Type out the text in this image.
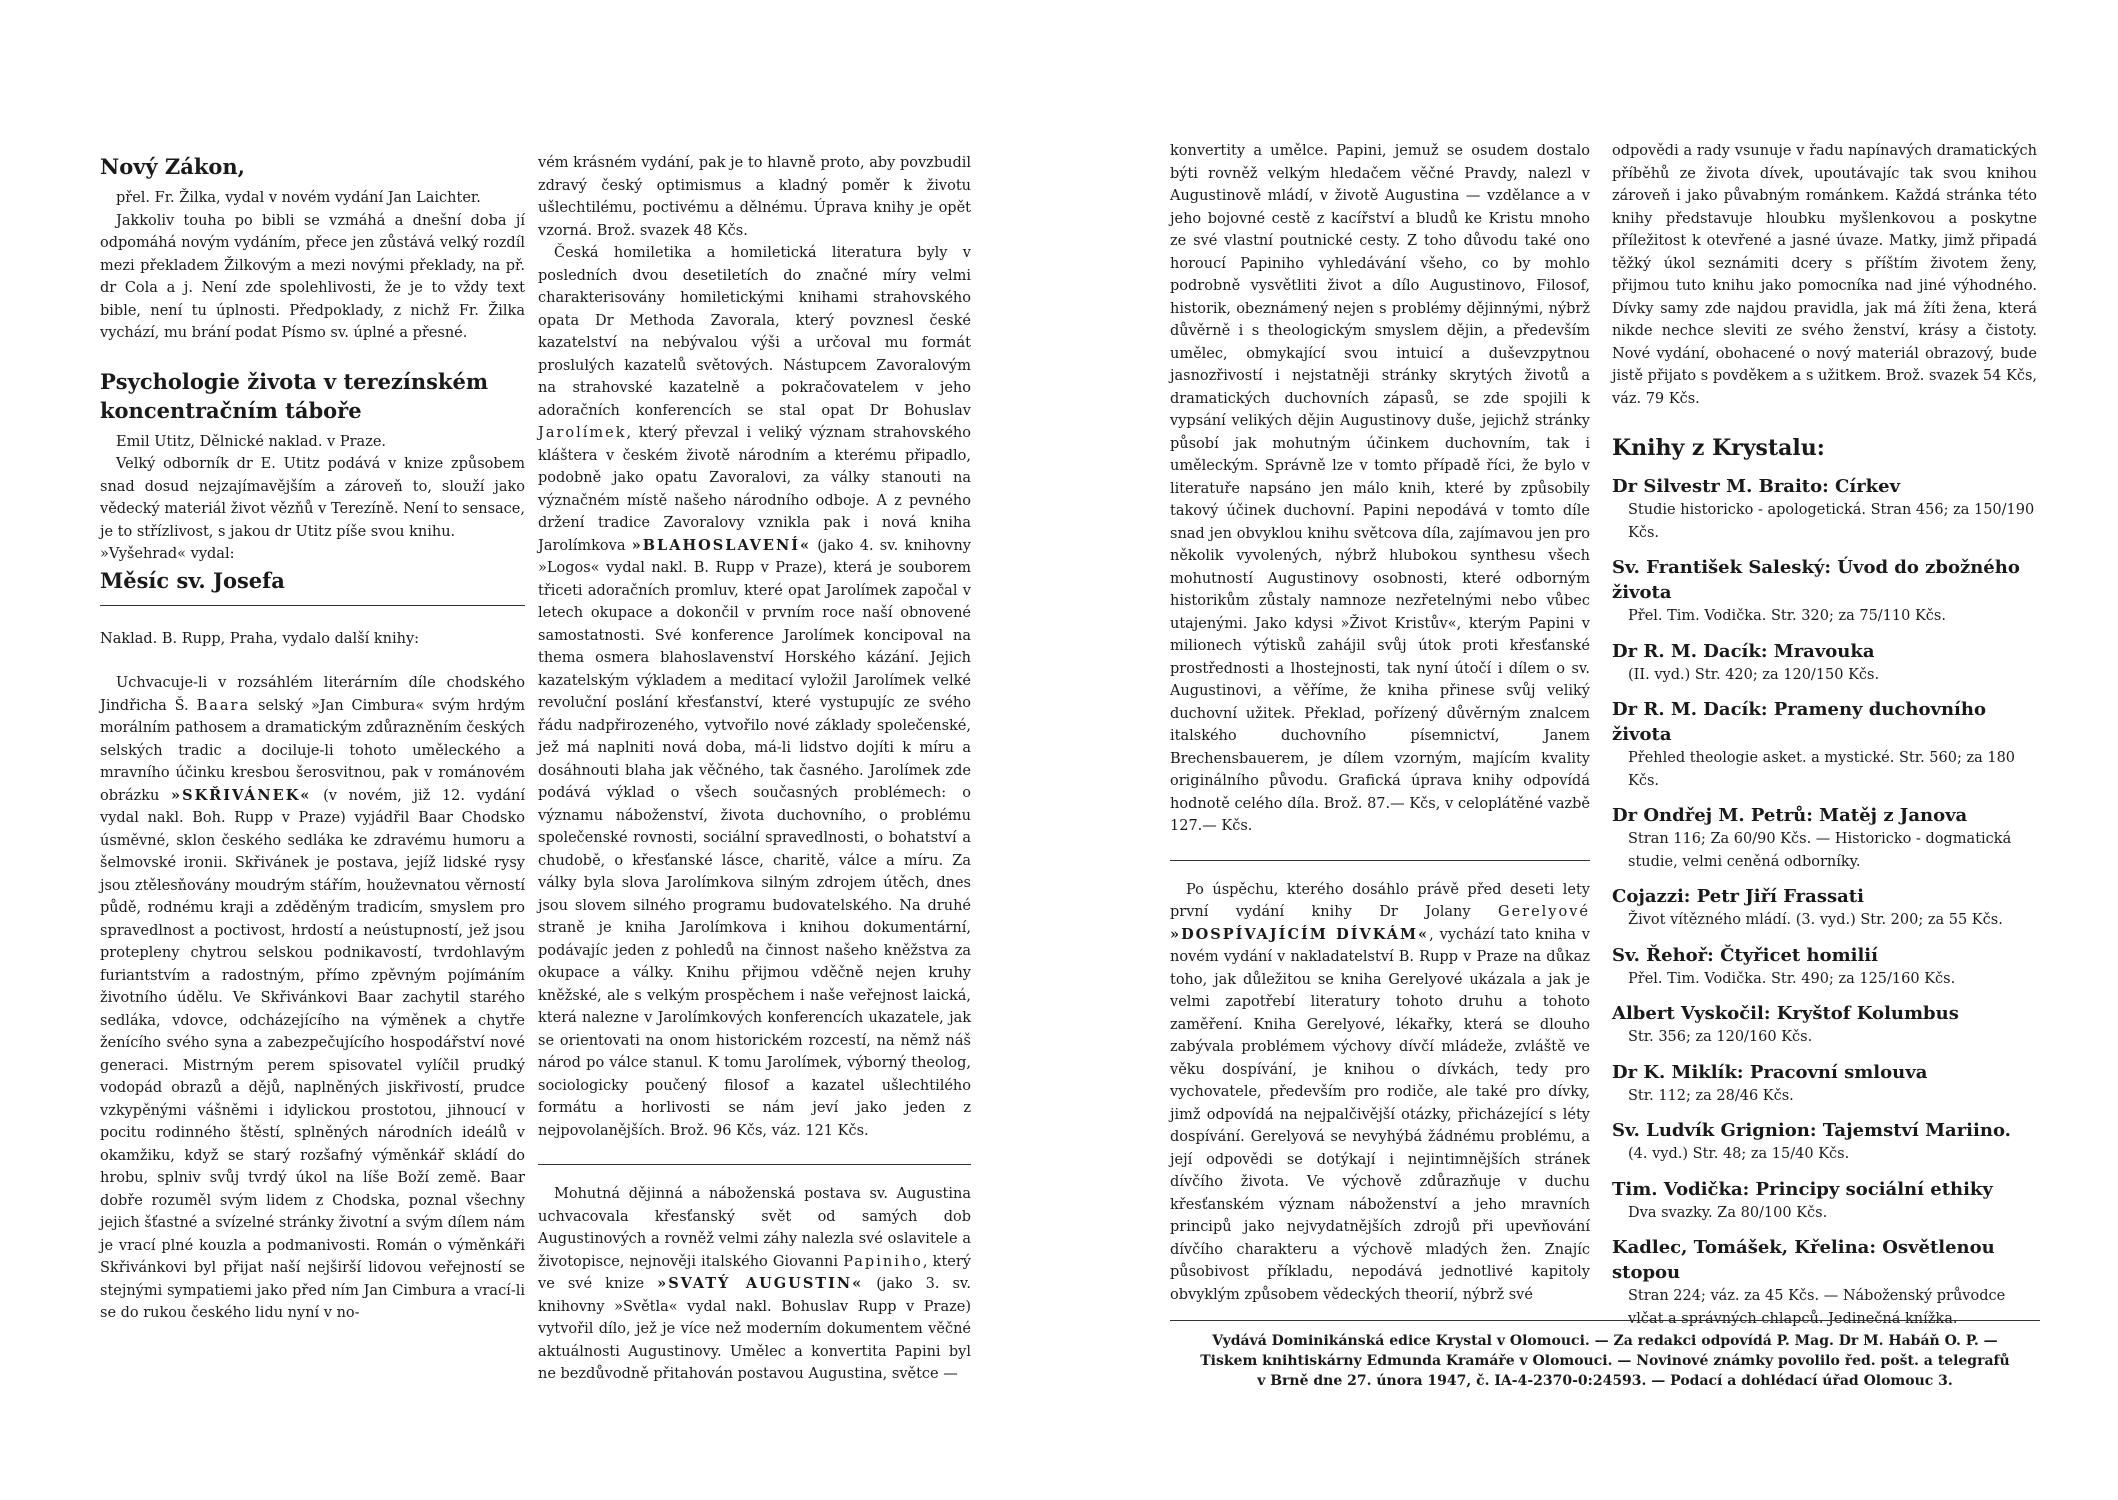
Nový Zákon,

přel. Fr. Žilka, vydal v novém vydání Jan Laichter.

Jakkoliv touha po bibli se vzmáhá a dnešní doba jí odpomáhá novým vydáním, přece jen zůstává velký rozdíl mezi překladem Žilkovým a mezi novými překlady, na př. dr Cola a j. Není zde spolehlivosti, že je to vždy text bible, není tu úplnosti. Předpoklady, z nichž Fr. Žilka vychází, mu brání podat Písmo sv. úplné a přesné.

Psychologie života v terezínském koncentračním táboře

Emil Utitz, Dělnické naklad. v Praze.

Velký odborník dr E. Utitz podává v knize způsobem snad dosud nejzajímavějším a zároveň to, slouží jako vědecký materiál život vězňů v Terezíně. Není to sensace, je to střízlivost, s jakou dr Utitz píše svou knihu.

»Vyšehrad« vydal:

Měsíc sv. Josefa

Naklad. B. Rupp, Praha, vydalo další knihy:

Uchvacuje-li v rozsáhlém literárním díle chodského Jindřicha Š. Baara selský »Jan Cimbura« svým hrdým morálním pathosem a dramatickým zdůrazněním českých selských tradic a dociluje-li tohoto uměleckého a mravního účinku kresbou šerosvitnou, pak v románovém obrázku »SKŘIVÁNEK« (v novém, již 12. vydání vydal nakl. Boh. Rupp v Praze) vyjádřil Baar Chodsko úsměvné, sklon českého sedláka ke zdravému humoru a šelmovské ironii. Skřivánek je postava, jejíž lidské rysy jsou ztělesňovány moudrým stářím, houževnatou věrností půdě, rodnému kraji a zděděným tradicím, smyslem pro spravedlnost a poctivost, hrdostí a neústupností, jež jsou protepleny chytrou selskou podnikavostí, tvrdohlavým furiantstvím a radostným, přímo zpěvným pojímáním životního údělu. Ve Skřivánkovi Baar zachytil starého sedláka, vdovce, odcházejícího na výměnek a chytře ženícího svého syna a zabezpečujícího hospodářství nové generaci. Mistrným perem spisovatel vylíčil prudký vodopád obrazů a dějů, naplněných jiskřivostí, prudce vzkypěnými vášněmi i idylickou prostotou, jihnoucí v pocitu rodinného štěstí, splněných národních ideálů v okamžiku, když se starý rozšafný výměnkář skládí do hrobu, splniv svůj tvrdý úkol na líše Boží země. Baar dobře rozuměl svým lidem z Chodska, poznal všechny jejich šťastné a svízelné stránky životní a svým dílem nám je vrací plné kouzla a podmanivosti. Román o výměnkáři Skřivánkovi byl přijat naší nejširší lidovou veřejností se stejnými sympatiemi jako před ním Jan Cimbura a vrací-li se do rukou českého lidu nyní v no-

vém krásném vydání, pak je to hlavně proto, aby povzbudil zdravý český optimismus a kladný poměr k životu ušlechtilému, poctivému a dělnému. Úprava knihy je opět vzorná. Brož. svazek 48 Kčs.

Česká homiletika a homiletická literatura byly v posledních dvou desetiletích do značné míry velmi charakterisovány homiletickými knihami strahovského opata Dr Methoda Zavorala, který povznesl české kazatelství na nebývalou výši a určoval mu formát proslulých kazatelů světových. Nástupcem Zavoralovým na strahovské kazatelně a pokračovatelem v jeho adoračních konferencích se stal opat Dr Bohuslav Jarolímek, který převzal i veliký význam strahovského kláštera v českém životě národním a kterému připadlo, podobně jako opatu Zavoralovi, za války stanouti na význačném místě našeho národního odboje. A z pevného držení tradice Zavoralovy vznikla pak i nová kniha Jarolímkova »BLAHOSLAVENÍ« (jako 4. sv. knihovny »Logos« vydal nakl. B. Rupp v Praze), která je souborem třiceti adoračních promluv, které opat Jarolímek započal v letech okupace a dokončil v prvním roce naší obnovené samostatnosti. Své konference Jarolímek koncipoval na thema osmera blahoslavenství Horského kázání. Jejich kazatelským výkladem a meditací vyložil Jarolímek velké revoluční poslání křesťanství, které vystupujíc ze svého řádu nadpřirozeného, vytvořilo nové základy společenské, jež má naplniti nová doba, má-li lidstvo dojíti k míru a dosáhnouti blaha jak věčného, tak časného. Jarolímek zde podává výklad o všech současných problémech: o významu náboženství, života duchovního, o problému společenské rovnosti, sociální spravedlnosti, o bohatství a chudobě, o křesťanské lásce, charitě, válce a míru. Za války byla slova Jarolímkova silným zdrojem útěch, dnes jsou slovem silného programu budovatelského. Na druhé straně je kniha Jarolímkova i knihou dokumentární, podávajíc jeden z pohledů na činnost našeho kněžstva za okupace a války. Knihu přijmou vděčně nejen kruhy kněžské, ale s velkým prospěchem i naše veřejnost laická, která nalezne v Jarolímkových konferencích ukazatele, jak se orientovati na onom historickém rozcestí, na němž náš národ po válce stanul. K tomu Jarolímek, výborný theolog, sociologicky poučený filosof a kazatel ušlechtilého formátu a horlivosti se nám jeví jako jeden z nejpovolanějších. Brož. 96 Kčs, váz. 121 Kčs.

Mohutná dějinná a náboženská postava sv. Augustina uchvacovala křesťanský svět od samých dob Augustinových a rovněž velmi záhy nalezla své oslavitele a životopisce, nejnověji italského Giovanni Papiniho, který ve své knize »SVATÝ AUGUSTIN« (jako 3. sv. knihovny »Světla« vydal nakl. Bohuslav Rupp v Praze) vytvořil dílo, jež je více než moderním dokumentem věčné aktuálnosti Augustinovy. Umělec a konvertita Papini byl ne bezdůvodně přitahován postavou Augustina, světce —

konvertity a umělce. Papini, jemuž se osudem dostalo býti rovněž velkým hledačem věčné Pravdy, nalezl v Augustinově mládí, v životě Augustina — vzdělance a v jeho bojovné cestě z kacířství a bludů ke Kristu mnoho ze své vlastní poutnické cesty. Z toho důvodu také ono horoucí Papiniho vyhledávání všeho, co by mohlo podrobně vysvětliti život a dílo Augustinovo, Filosof, historik, obeznámený nejen s problémy dějinnými, nýbrž důvěrně i s theologickým smyslem dějin, a především umělec, obmykající svou intuicí a duševzpytnou jasnozřivostí i nejstatněji stránky skrytých životů a dramatických duchovních zápasů, se zde spojili k vypsání velikých dějin Augustinovy duše, jejichž stránky působí jak mohutným účinkem duchovním, tak i uměleckým. Správně lze v tomto případě říci, že bylo v literatuře napsáno jen málo knih, které by způsobily takový účinek duchovní. Papini nepodává v tomto díle snad jen obvyklou knihu světcova díla, zajímavou jen pro několik vyvolených, nýbrž hlubokou synthesu všech mohutností Augustinovy osobnosti, které odborným historikům zůstaly namnoze nezřetelnými nebo vůbec utajenými. Jako kdysi »Život Kristův«, kterým Papini v milionech výtisků zahájil svůj útok proti křesťanské prostřednosti a lhostejnosti, tak nyní útočí i dílem o sv. Augustinovi, a věříme, že kniha přinese svůj veliký duchovní užitek. Překlad, pořízený důvěrným znalcem italského duchovního písemnictví, Janem Brechensbauerem, je dílem vzorným, majícím kvality originálního původu. Grafická úprava knihy odpovídá hodnotě celého díla. Brož. 87.— Kčs, v celoplátěné vazbě 127.— Kčs.

Po úspěchu, kterého dosáhlo právě před deseti lety první vydání knihy Dr Jolany Gerelyové »DOSPÍVAJÍCÍM DÍVKÁM«, vychází tato kniha v novém vydání v nakladatelství B. Rupp v Praze na důkaz toho, jak důležitou se kniha Gerelyové ukázala a jak je velmi zapotřebí literatury tohoto druhu a tohoto zaměření. Kniha Gerelyové, lékařky, která se dlouho zabývala problémem výchovy dívčí mládeže, zvláště ve věku dospívání, je knihou o dívkách, tedy pro vychovatele, především pro rodiče, ale také pro dívky, jimž odpovídá na nejpalčivější otázky, přicházející s léty dospívání. Gerelyová se nevyhýbá žádnému problému, a její odpovědi se dotýkají i nejintimnějších stránek dívčího života. Ve výchově zdůrazňuje v duchu křesťanském význam náboženství a jeho mravních principů jako nejvydatnějších zdrojů při upevňování dívčího charakteru a výchově mladých žen. Znajíc působivost příkladu, nepodává jednotlivé kapitoly obvyklým způsobem vědeckých theorií, nýbrž své

odpovědi a rady vsunuje v řadu napínavých dramatických příběhů ze života dívek, upoutávajíc tak svou knihou zároveň i jako půvabným románkem. Každá stránka této knihy představuje hloubku myšlenkovou a poskytne příležitost k otevřené a jasné úvaze. Matky, jimž připadá těžký úkol seznámiti dcery s příštím životem ženy, přijmou tuto knihu jako pomocníka nad jiné výhodného. Dívky samy zde najdou pravidla, jak má žíti žena, která nikde nechce sleviti ze svého ženství, krásy a čistoty. Nové vydání, obohacené o nový materiál obrazový, bude jistě přijato s povděkem a s užitkem. Brož. svazek 54 Kčs, váz. 79 Kčs.

Knihy z Krystalu:
Dr Silvestr M. Braito: Církev
Studie historicko - apologetická. Stran 456; za 150/190 Kčs.
Sv. František Saleský: Úvod do zbožného života
Přel. Tim. Vodička. Str. 320; za 75/110 Kčs.
Dr R. M. Dacík: Mravouka
(II. vyd.) Str. 420; za 120/150 Kčs.
Dr R. M. Dacík: Prameny duchovního života
Přehled theologie asket. a mystické. Str. 560; za 180 Kčs.
Dr Ondřej M. Petrů: Matěj z Janova
Stran 116; Za 60/90 Kčs. — Historicko - dogmatická studie, velmi ceněná odborníky.
Cojazzi: Petr Jiří Frassati
Život vítězného mládí. (3. vyd.) Str. 200; za 55 Kčs.
Sv. Řehoř: Čtyřicet homilií
Přel. Tim. Vodička. Str. 490; za 125/160 Kčs.
Albert Vyskočil: Kryštof Kolumbus
Str. 356; za 120/160 Kčs.
Dr K. Miklík: Pracovní smlouva
Str. 112; za 28/46 Kčs.
Sv. Ludvík Grignion: Tajemství Mariino.
(4. vyd.) Str. 48; za 15/40 Kčs.
Tim. Vodička: Principy sociální ethiky
Dva svazky. Za 80/100 Kčs.
Kadlec, Tomášek, Křelina: Osvětlenou stopou
Stran 224; váz. za 45 Kčs. — Náboženský průvodce vlčat a správných chlapců. Jedinečná knížka.
Vydává Dominikánská edice Krystal v Olomouci. — Za redakci odpovídá P. Mag. Dr M. Habáň O. P. —
Tiskem knihtiskárny Edmunda Kramáře v Olomouci. — Novinové známky povolilo řed. pošt. a telegrafů
v Brně dne 27. února 1947, č. IA-4-2370-0:24593. — Podací a dohlédací úřad Olomouc 3.
